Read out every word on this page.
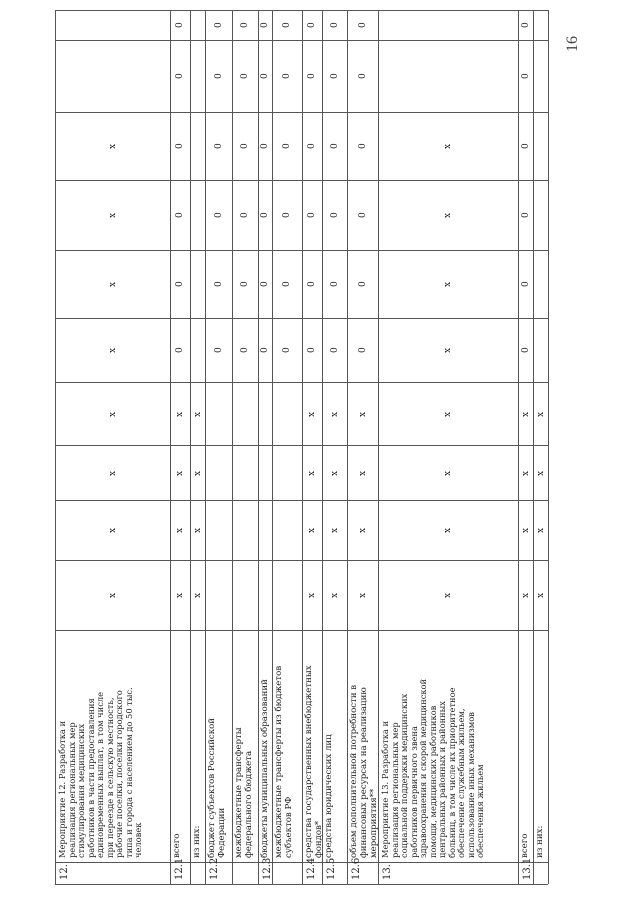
12.
Мероприятие 12. Разработка и
реализация региональных мер
стимулирования медицинских
работников в части предоставления
единовременных выплат, в том числе
при переезде в сельскую местность,
рабочие поселки, поселки городского
типа и города с населением до 50 тыс.
человек
x
x
x
x
x
x
x
x
12.1
всего
x
x
x
x
0
0
0
0
0
0
из них:
x
x
x
x
12.2
бюджет субъектов Российской
Федерации
0
0
0
0
0
0
межбюджетные трансферты
федерального бюджета
0
0
0
0
0
0
12.3
бюджеты муниципальных образований
0
0
0
0
0
0
межбюджетные трансферты из бюджетов
субъектов РФ
0
0
0
0
0
0
12.4
средства государственных внебюджетных
фондов*
x
x
x
x
0
0
0
0
0
0
12.5
средства юридических лиц
x
x
x
x
0
0
0
0
0
0
12.6
объем дополнительной потребности в
финансовых ресурсах на реализацию
мероприятия**
x
x
x
x
0
0
0
0
0
0
13.
Мероприятие 13. Разработка и
реализация региональных мер
социальной поддержки медицинских
работников первичного звена
здравоохранения и скорой медицинской
помощи, медицинских работников
центральных районных и районных
больниц, в том числе их приоритетное
обеспечение служебным жильем,
использование иных механизмов
обеспечения жильем
x
x
x
x
x
x
x
x
13.1
всего
x
x
x
x
0
0
0
0
0
0
из них:
x
x
x
x
16
